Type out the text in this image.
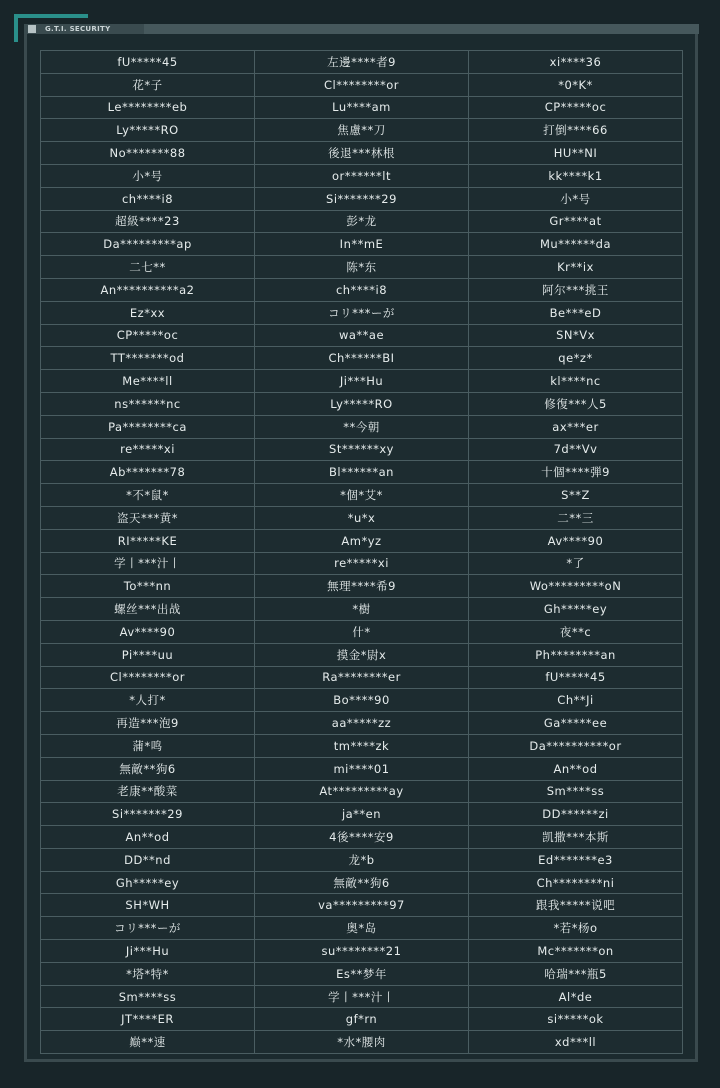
G.T.I. SECURITY
fU*****45	左邊****者9	xi****36
花*子	Cl********or	*0*K*
Le********eb	Lu****am	CP*****oc
Ly*****RO	焦慮**刀	打倒****66
No*******88	後退***林根	HU**NI
小*号	or******lt	kk****k1
ch****i8	Si*******29	小*号
超級****23	彭*龙	Gr****at
Da*********ap	In**mE	Mu******da
二七**	陈*东	Kr**ix
An**********a2	ch****i8	阿尔***挑王
Ez*xx	コリ***ーが	Be***eD
CP*****oc	wa**ae	SN*Vx
TT*******od	Ch******BI	qe*z*
Me****ll	Ji***Hu	kl****nc
ns******nc	Ly*****RO	修復***人5
Pa********ca	**今朝	ax***er
re*****xi	St******xy	7d**Vv
Ab*******78	Bl******an	十個****弾9
*不*鼠*	*個*艾*	S**Z
盗天***黄*	*u*x	二**三
RI*****KE	Am*yz	Av****90
学丨***汁丨	re*****xi	*了
To***nn	無理****希9	Wo*********oN
螺丝***出战	*樹	Gh*****ey
Av****90	什*	夜**c
Pi****uu	摸金*尉x	Ph********an
Cl********or	Ra********er	fU*****45
*人打*	Bo****90	Ch**Ji
再造***泡9	aa*****zz	Ga*****ee
蒲*鸣	tm****zk	Da**********or
無敵**狗6	mi****01	An**od
老康**酸菜	At*********ay	Sm****ss
Si*******29	ja**en	DD******zi
An**od	4後****安9	凯撒***本斯
DD**nd	龙*b	Ed*******e3
Gh*****ey	無敵**狗6	Ch********ni
SH*WH	va*********97	跟我*****说吧
コリ***ーが	奥*岛	*若*杨o
Ji***Hu	su********21	Mc*******on
*塔*特*	Es**梦年	哈瑞***瓶5
Sm****ss	学丨***汁丨	Al*de
JT****ER	gf*rn	si*****ok
巅**速	*水*腰肉	xd***ll
